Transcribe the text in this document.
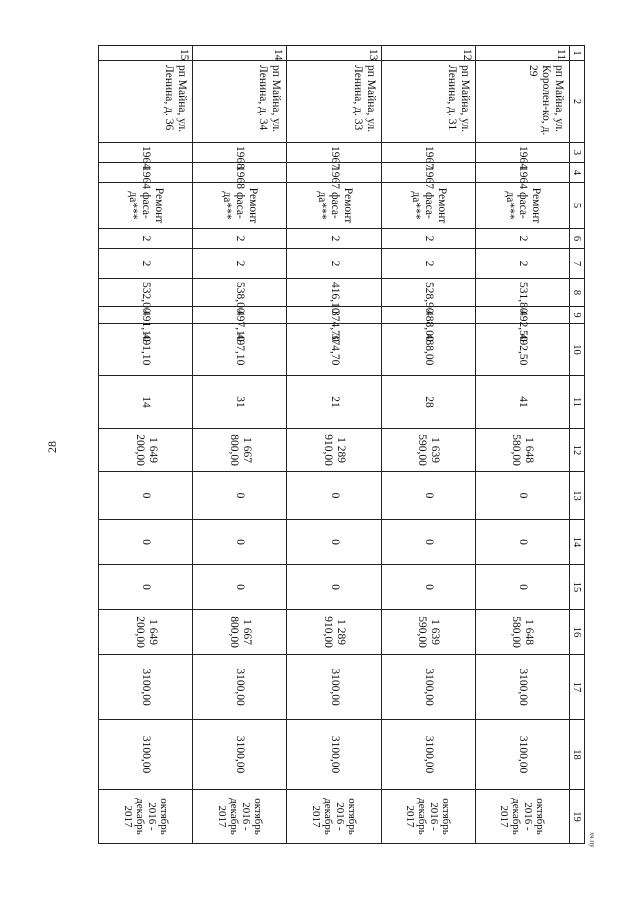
28
1	2	3	4	5	6	7	8	9	10	11	12	13	14	15	16	17	18	19
11	рп Майна, ул. Королен-ко, д. 29	1964	1964	Ремонт фаса-да***	2	2	531,80	492,50	492,50	41	1 648 580,00	0	0	0	1 648 580,00	3100,00	3100,00	октябрь 2016 - декабрь 2017
12	рп Майна, ул. Ленина, д. 31	1967	1967	Ремонт фаса-да***	2	2	528,90	488,00	488,00	28	1 639 590,00	0	0	0	1 639 590,00	3100,00	3100,00	октябрь 2016 - декабрь 2017
13	рп Майна, ул. Ленина, д. 33	1967	1967	Ремонт фаса-да***	2	2	416,10	374,70	374,70	21	1 289 910,00	0	0	0	1 289 910,00	3100,00	3100,00	октябрь 2016 - декабрь 2017
14	рп Майна, ул. Ленина, д. 34	1968	1968	Ремонт фаса-да***	2	2	538,00	497,10	497,10	31	1 667 800,00	0	0	0	1 667 800,00	3100,00	3100,00	октябрь 2016 - декабрь 2017
15	рп Майна, ул. Ленина, д. 36	1964	1964	Ремонт фаса-да***	2	2	532,00	491,10	491,10	14	1 649 200,00	0	0	0	1 649 200,00	3100,00	3100,00	октябрь 2016 - декабрь 2017
хч пу
